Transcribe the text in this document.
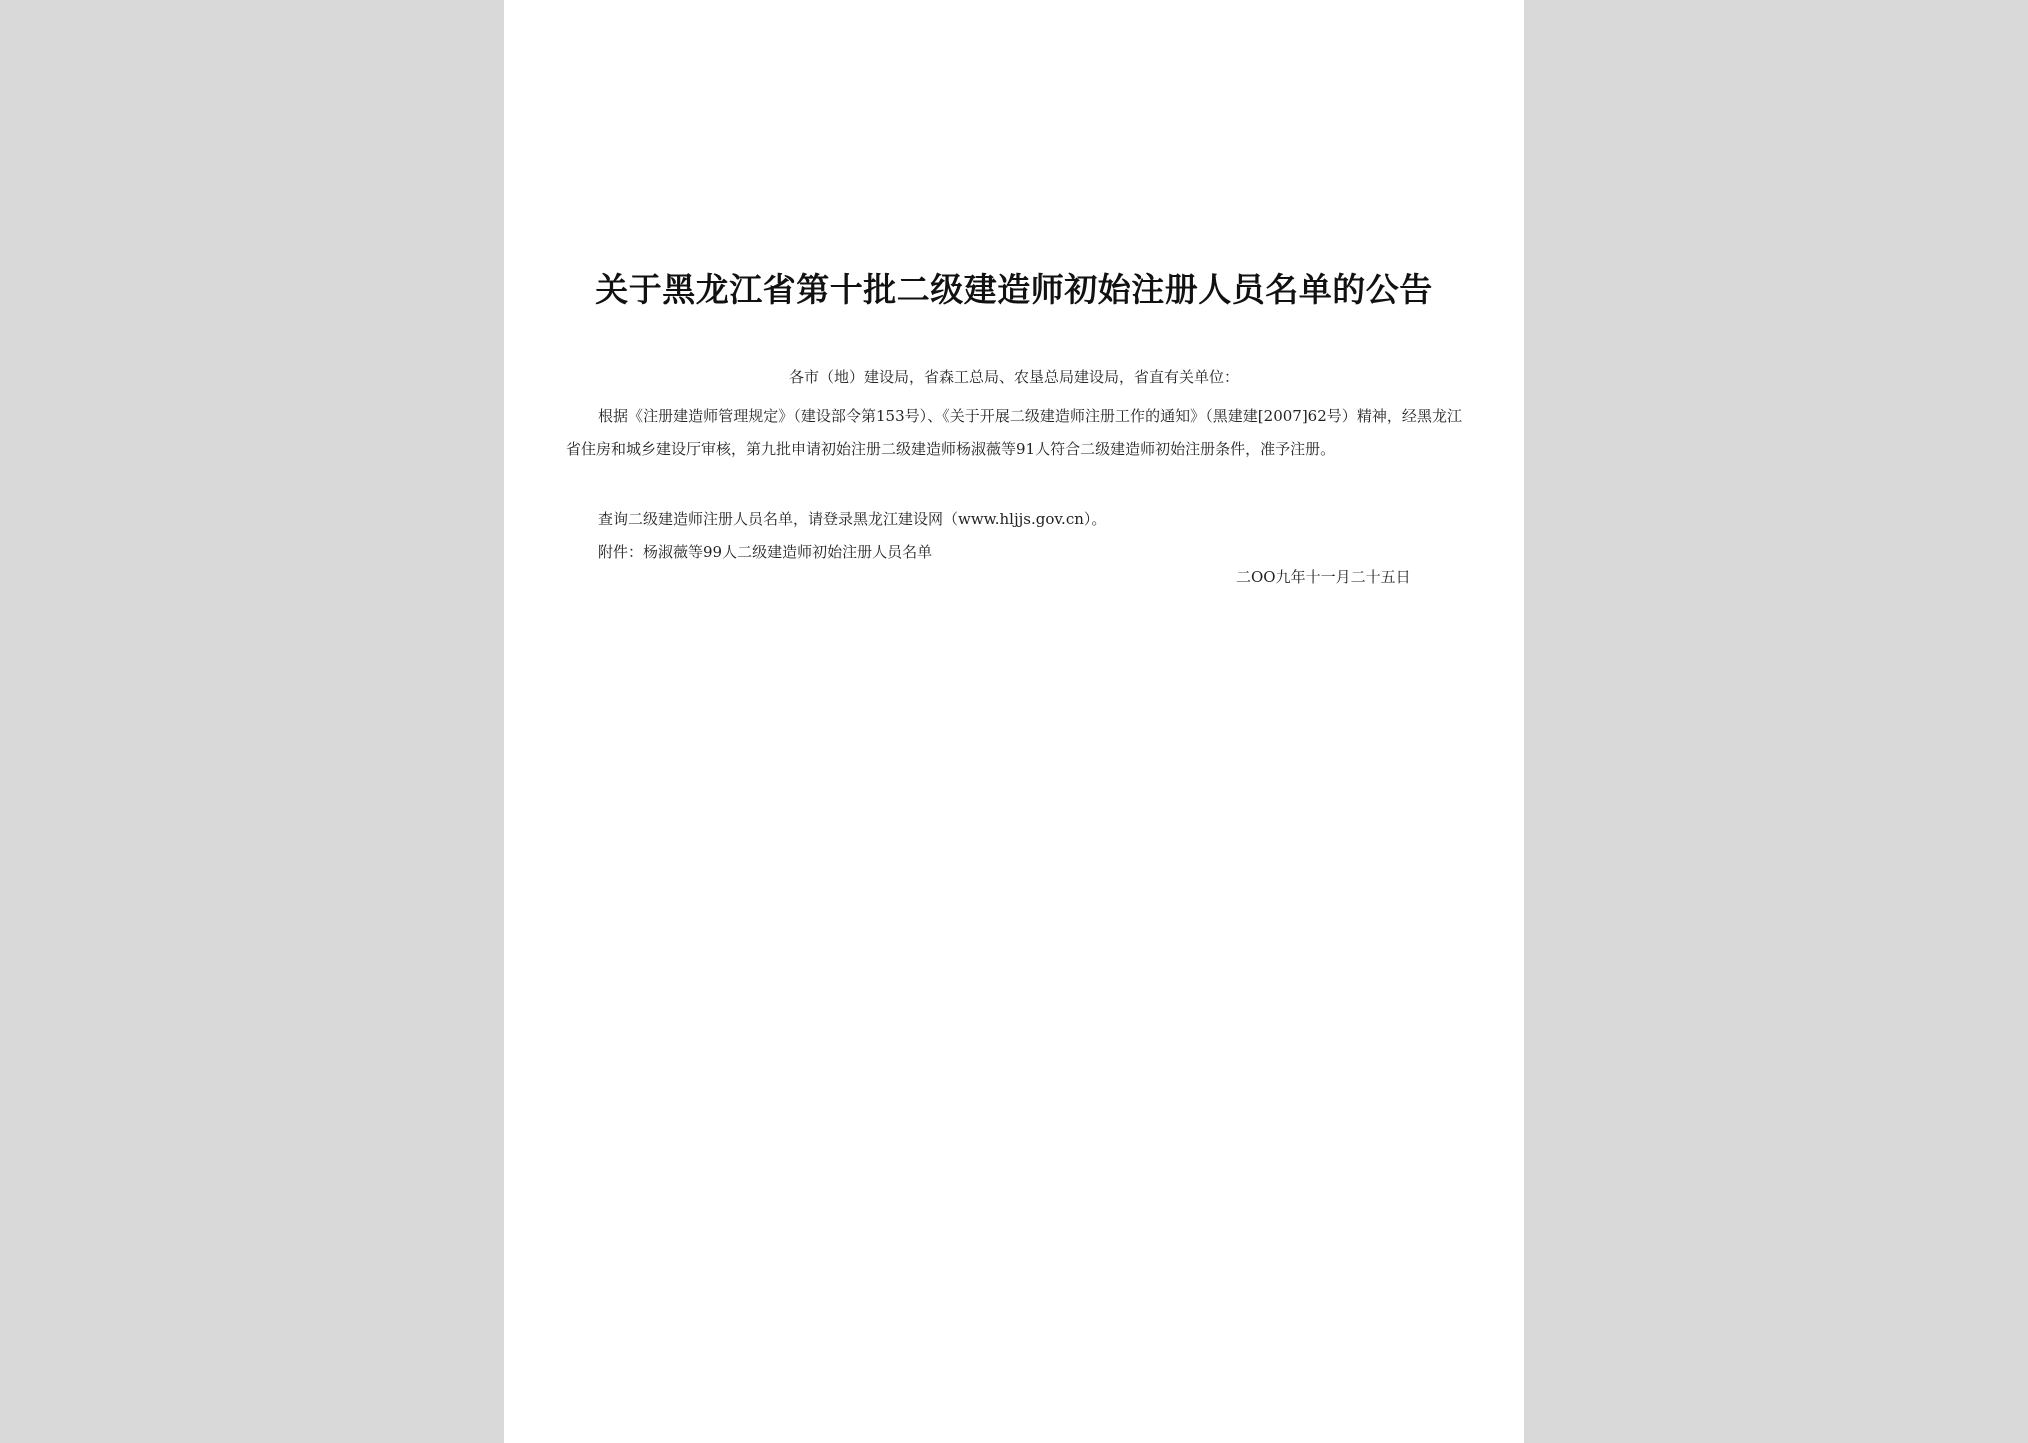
关于黑龙江省第十批二级建造师初始注册人员名单的公告
各市（地）建设局，省森工总局、农垦总局建设局，省直有关单位：
根据《注册建造师管理规定》（建设部令第153号）、《关于开展二级建造师注册工作的通知》（黑建建[2007]62号）精神，经黑龙江省住房和城乡建设厅审核，第九批申请初始注册二级建造师杨淑薇等91人符合二级建造师初始注册条件，准予注册。
查询二级建造师注册人员名单，请登录黑龙江建设网（www.hljjs.gov.cn）。
附件：杨淑薇等99人二级建造师初始注册人员名单
二OO九年十一月二十五日
